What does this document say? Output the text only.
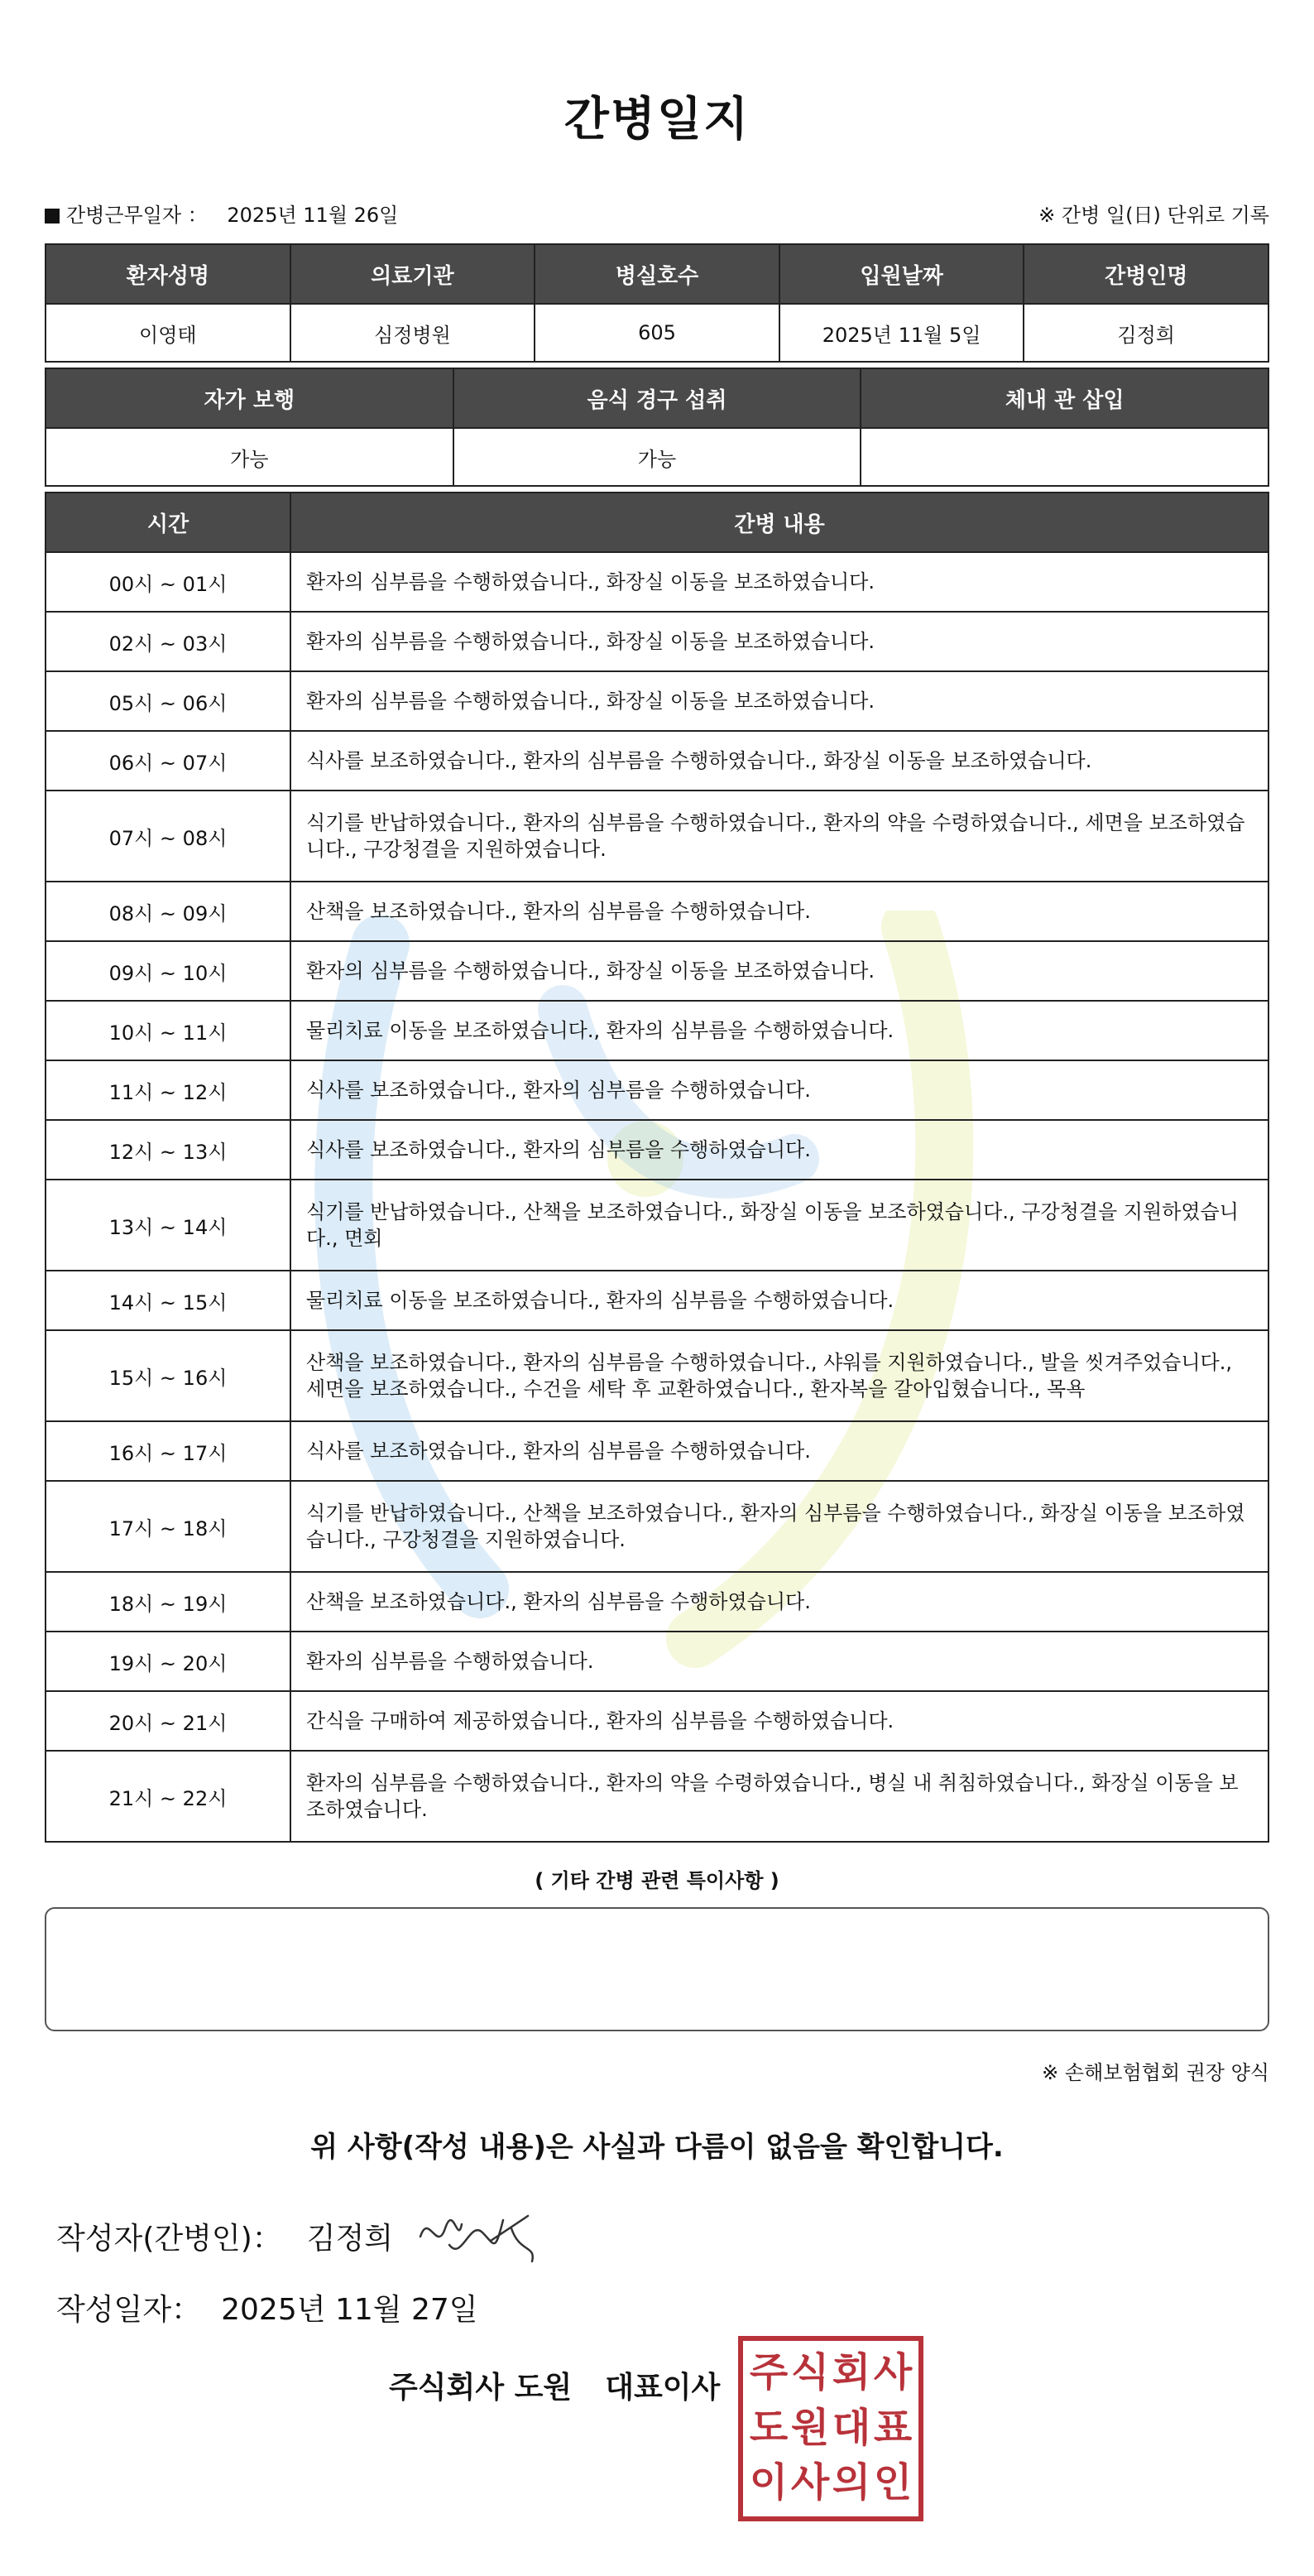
간병일지
간병근무일자 ： 2025년 11월 26일	※ 간병 일(日) 단위로 기록
환자성명	의료기관	병실호수	입원날짜	간병인명
이영태	심정병원	605	2025년 11월 5일	김정희
자가 보행	음식 경구 섭취	체내 관 삽입
가능	가능	
시간	간병 내용
00시 ~ 01시	환자의 심부름을 수행하였습니다., 화장실 이동을 보조하였습니다.
02시 ~ 03시	환자의 심부름을 수행하였습니다., 화장실 이동을 보조하였습니다.
05시 ~ 06시	환자의 심부름을 수행하였습니다., 화장실 이동을 보조하였습니다.
06시 ~ 07시	식사를 보조하였습니다., 환자의 심부름을 수행하였습니다., 화장실 이동을 보조하였습니다.
07시 ~ 08시	식기를 반납하였습니다., 환자의 심부름을 수행하였습니다., 환자의 약을 수령하였습니다., 세면을 보조하였습니다., 구강청결을 지원하였습니다.
08시 ~ 09시	산책을 보조하였습니다., 환자의 심부름을 수행하였습니다.
09시 ~ 10시	환자의 심부름을 수행하였습니다., 화장실 이동을 보조하였습니다.
10시 ~ 11시	물리치료 이동을 보조하였습니다., 환자의 심부름을 수행하였습니다.
11시 ~ 12시	식사를 보조하였습니다., 환자의 심부름을 수행하였습니다.
12시 ~ 13시	식사를 보조하였습니다., 환자의 심부름을 수행하였습니다.
13시 ~ 14시	식기를 반납하였습니다., 산책을 보조하였습니다., 화장실 이동을 보조하였습니다., 구강청결을 지원하였습니다., 면회
14시 ~ 15시	물리치료 이동을 보조하였습니다., 환자의 심부름을 수행하였습니다.
15시 ~ 16시	산책을 보조하였습니다., 환자의 심부름을 수행하였습니다., 샤워를 지원하였습니다., 발을 씻겨주었습니다., 세면을 보조하였습니다., 수건을 세탁 후 교환하였습니다., 환자복을 갈아입혔습니다., 목욕
16시 ~ 17시	식사를 보조하였습니다., 환자의 심부름을 수행하였습니다.
17시 ~ 18시	식기를 반납하였습니다., 산책을 보조하였습니다., 환자의 심부름을 수행하였습니다., 화장실 이동을 보조하였습니다., 구강청결을 지원하였습니다.
18시 ~ 19시	산책을 보조하였습니다., 환자의 심부름을 수행하였습니다.
19시 ~ 20시	환자의 심부름을 수행하였습니다.
20시 ~ 21시	간식을 구매하여 제공하였습니다., 환자의 심부름을 수행하였습니다.
21시 ~ 22시	환자의 심부름을 수행하였습니다., 환자의 약을 수령하였습니다., 병실 내 취침하였습니다., 화장실 이동을 보조하였습니다.
( 기타 간병 관련 특이사항 )
※ 손해보험협회 권장 양식
위 사항(작성 내용)은 사실과 다름이 없음을 확인합니다.
작성자(간병인)： 김정희
작성일자： 2025년 11월 27일
주식회사 도원 대표이사 주 식 회 사
도 원 대 표
이 사 의 인
